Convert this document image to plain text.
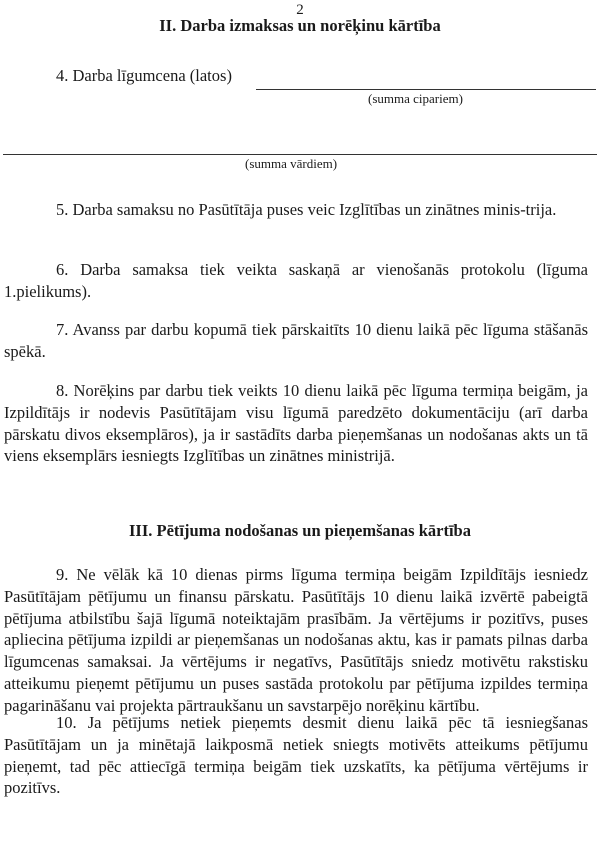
2
II. Darba izmaksas un norēķinu kārtība
4. Darba līgumcena (latos)
(summa cipariem)
(summa vārdiem)

5. Darba samaksu no Pasūtītāja puses veic Izglītības un zinātnes minis-trija.

6. Darba samaksa tiek veikta saskaņā ar vienošanās protokolu (līguma 1.pielikums).

7. Avanss par darbu kopumā tiek pārskaitīts 10 dienu laikā pēc līguma stāšanās spēkā.

8. Norēķins par darbu tiek veikts 10 dienu laikā pēc līguma termiņa beigām, ja Izpildītājs ir nodevis Pasūtītājam visu līgumā paredzēto dokumentāciju (arī darba pārskatu divos eksemplāros), ja ir sastādīts darba pieņemšanas un nodošanas akts un tā viens eksemplārs iesniegts Izglītības un zinātnes ministrijā.

III. Pētījuma nodošanas un pieņemšanas kārtība

9. Ne vēlāk kā 10 dienas pirms līguma termiņa beigām Izpildītājs iesniedz Pasūtītājam pētījumu un finansu pārskatu. Pasūtītājs 10 dienu laikā izvērtē pabeigtā pētījuma atbilstību šajā līgumā noteiktajām prasībām. Ja vērtējums ir pozitīvs, puses apliecina pētījuma izpildi ar pieņemšanas un nodošanas aktu, kas ir pamats pilnas darba līgumcenas samaksai. Ja vērtējums ir negatīvs, Pasūtītājs sniedz motivētu rakstisku atteikumu pieņemt pētījumu un puses sastāda protokolu par pētījuma izpildes termiņa pagarināšanu vai projekta pārtraukšanu un savstarpējo norēķinu kārtību.

10. Ja pētījums netiek pieņemts desmit dienu laikā pēc tā iesniegšanas Pasūtītājam un ja minētajā laikposmā netiek sniegts motivēts atteikums pētījumu pieņemt, tad pēc attiecīgā termiņa beigām tiek uzskatīts, ka pētījuma vērtējums ir pozitīvs.
